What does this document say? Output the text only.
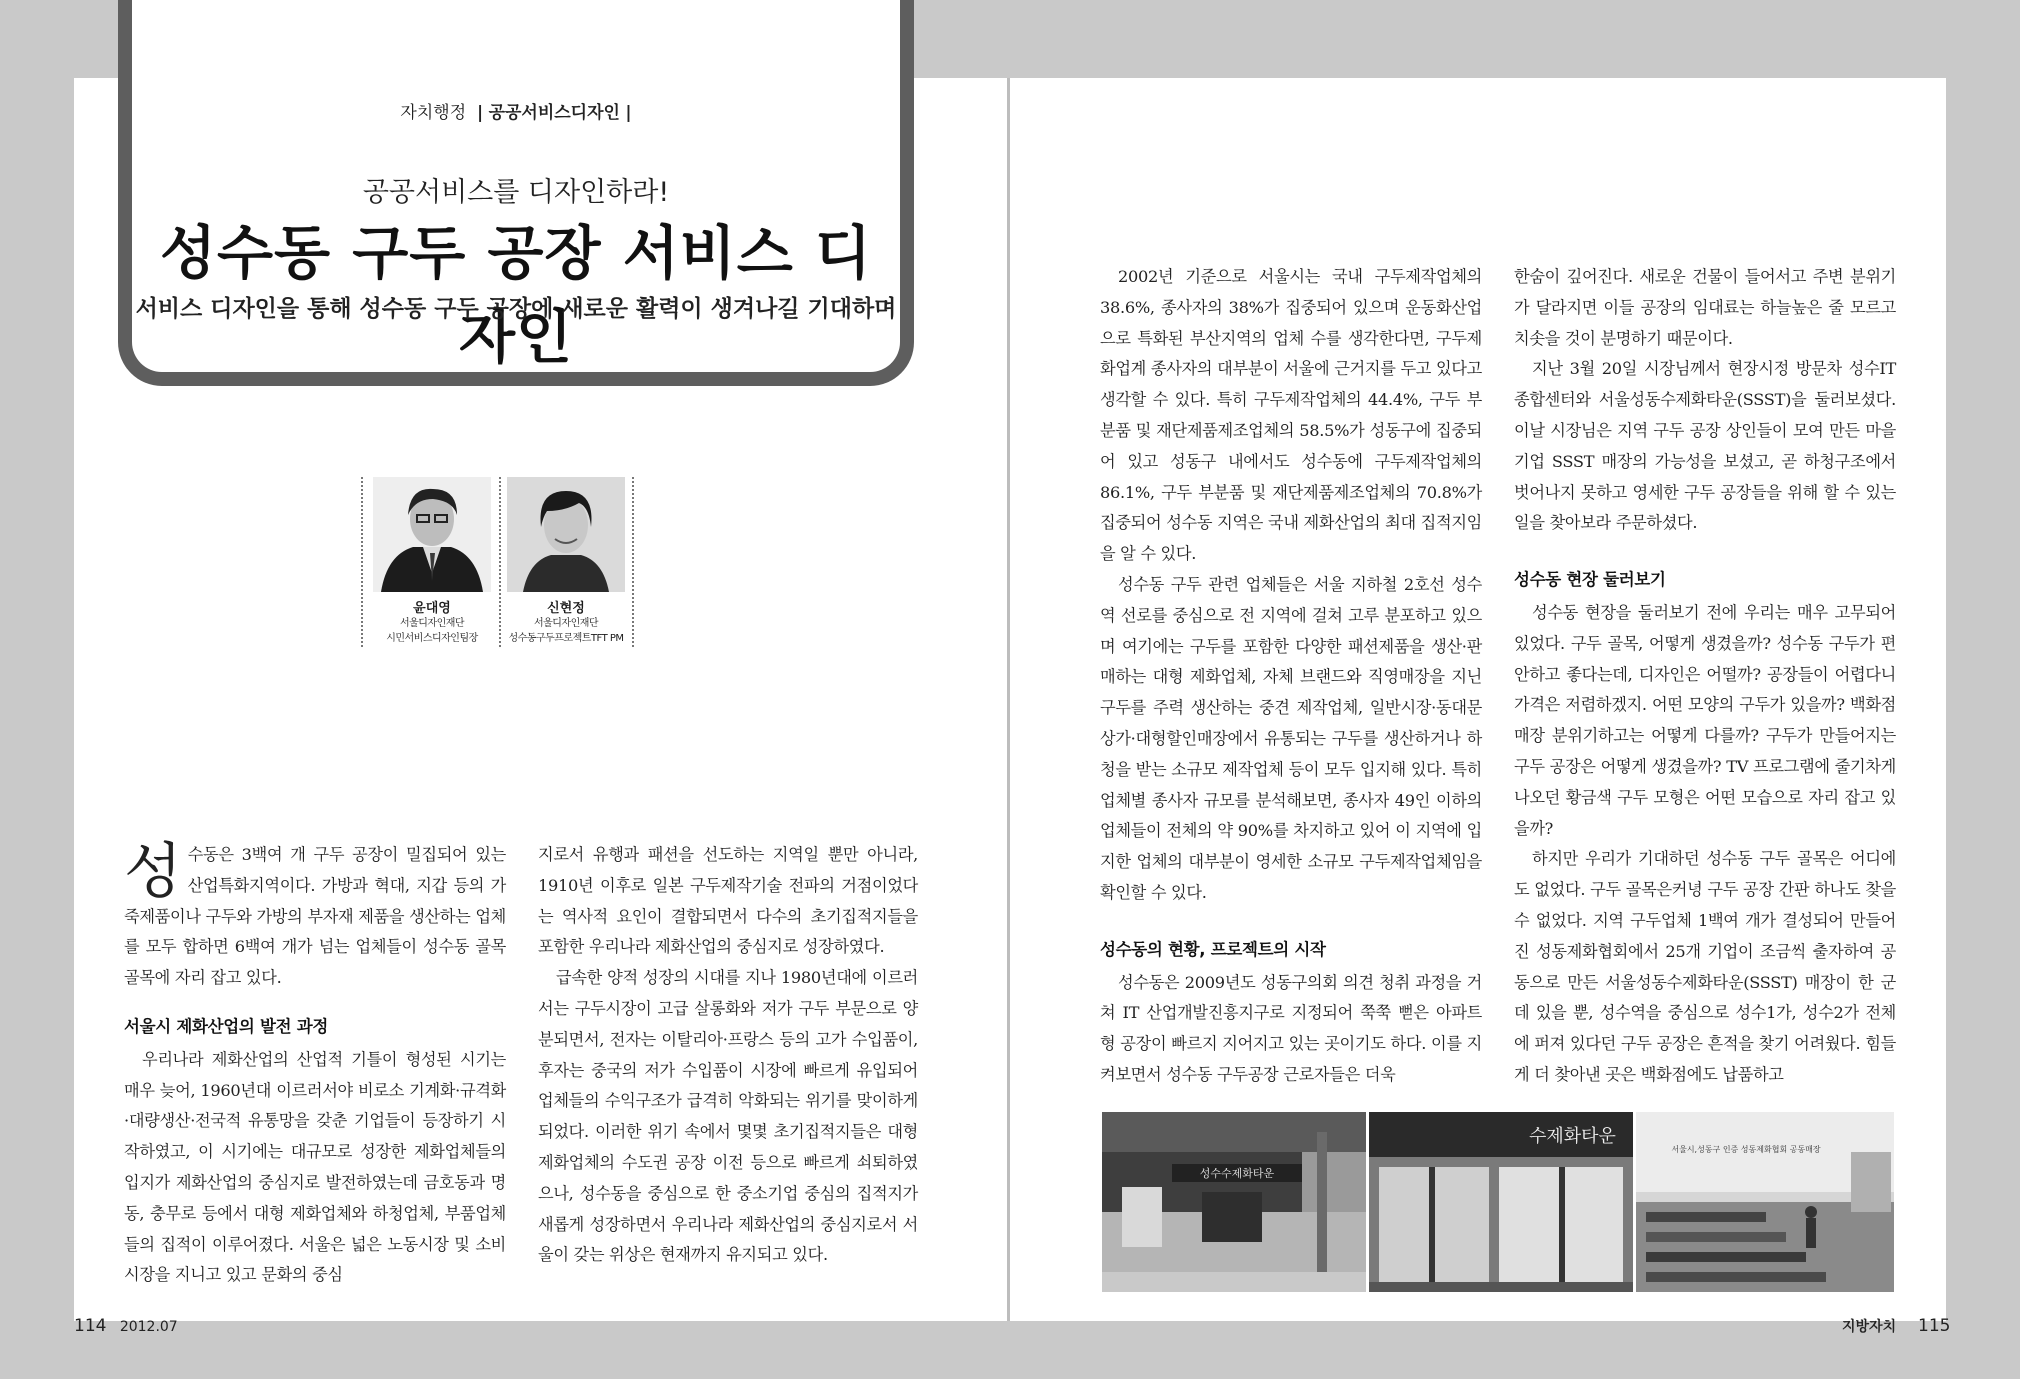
자치행정 | 공공서비스디자인 |
공공서비스를 디자인하라!
성수동 구두 공장 서비스 디자인
서비스 디자인을 통해 성수동 구두 공장에 새로운 활력이 생겨나길 기대하며
윤대영
서울디자인재단
시민서비스디자인팀장
신현정
서울디자인재단
성수동구두프로젝트TFT PM

성수동은 3백여 개 구두 공장이 밀집되어 있는 산업특화지역이다. 가방과 혁대, 지갑 등의 가죽제품이나 구두와 가방의 부자재 제품을 생산하는 업체를 모두 합하면 6백여 개가 넘는 업체들이 성수동 골목 골목에 자리 잡고 있다.

서울시 제화산업의 발전 과정

우리나라 제화산업의 산업적 기틀이 형성된 시기는 매우 늦어, 1960년대 이르러서야 비로소 기계화·규격화·대량생산·전국적 유통망을 갖춘 기업들이 등장하기 시작하였고, 이 시기에는 대규모로 성장한 제화업체들의 입지가 제화산업의 중심지로 발전하였는데 금호동과 명동, 충무로 등에서 대형 제화업체와 하청업체, 부품업체들의 집적이 이루어졌다. 서울은 넓은 노동시장 및 소비시장을 지니고 있고 문화의 중심

지로서 유행과 패션을 선도하는 지역일 뿐만 아니라, 1910년 이후로 일본 구두제작기술 전파의 거점이었다는 역사적 요인이 결합되면서 다수의 초기집적지들을 포함한 우리나라 제화산업의 중심지로 성장하였다.

급속한 양적 성장의 시대를 지나 1980년대에 이르러서는 구두시장이 고급 살롱화와 저가 구두 부문으로 양분되면서, 전자는 이탈리아·프랑스 등의 고가 수입품이, 후자는 중국의 저가 수입품이 시장에 빠르게 유입되어 업체들의 수익구조가 급격히 악화되는 위기를 맞이하게 되었다. 이러한 위기 속에서 몇몇 초기집적지들은 대형 제화업체의 수도권 공장 이전 등으로 빠르게 쇠퇴하였으나, 성수동을 중심으로 한 중소기업 중심의 집적지가 새롭게 성장하면서 우리나라 제화산업의 중심지로서 서울이 갖는 위상은 현재까지 유지되고 있다.

2002년 기준으로 서울시는 국내 구두제작업체의 38.6%, 종사자의 38%가 집중되어 있으며 운동화산업으로 특화된 부산지역의 업체 수를 생각한다면, 구두제화업계 종사자의 대부분이 서울에 근거지를 두고 있다고 생각할 수 있다. 특히 구두제작업체의 44.4%, 구두 부분품 및 재단제품제조업체의 58.5%가 성동구에 집중되어 있고 성동구 내에서도 성수동에 구두제작업체의 86.1%, 구두 부분품 및 재단제품제조업체의 70.8%가 집중되어 성수동 지역은 국내 제화산업의 최대 집적지임을 알 수 있다.

성수동 구두 관련 업체들은 서울 지하철 2호선 성수역 선로를 중심으로 전 지역에 걸쳐 고루 분포하고 있으며 여기에는 구두를 포함한 다양한 패션제품을 생산·판매하는 대형 제화업체, 자체 브랜드와 직영매장을 지닌 구두를 주력 생산하는 중견 제작업체, 일반시장·동대문 상가·대형할인매장에서 유통되는 구두를 생산하거나 하청을 받는 소규모 제작업체 등이 모두 입지해 있다. 특히 업체별 종사자 규모를 분석해보면, 종사자 49인 이하의 업체들이 전체의 약 90%를 차지하고 있어 이 지역에 입지한 업체의 대부분이 영세한 소규모 구두제작업체임을 확인할 수 있다.

성수동의 현황, 프로젝트의 시작

성수동은 2009년도 성동구의회 의견 청취 과정을 거쳐 IT 산업개발진흥지구로 지정되어 쭉쭉 뻗은 아파트형 공장이 빠르지 지어지고 있는 곳이기도 하다. 이를 지켜보면서 성수동 구두공장 근로자들은 더욱

한숨이 깊어진다. 새로운 건물이 들어서고 주변 분위기가 달라지면 이들 공장의 임대료는 하늘높은 줄 모르고 치솟을 것이 분명하기 때문이다.

지난 3월 20일 시장님께서 현장시정 방문차 성수IT 종합센터와 서울성동수제화타운(SSST)을 둘러보셨다. 이날 시장님은 지역 구두 공장 상인들이 모여 만든 마을기업 SSST 매장의 가능성을 보셨고, 곧 하청구조에서 벗어나지 못하고 영세한 구두 공장들을 위해 할 수 있는 일을 찾아보라 주문하셨다.

성수동 현장 둘러보기

성수동 현장을 둘러보기 전에 우리는 매우 고무되어 있었다. 구두 골목, 어떻게 생겼을까? 성수동 구두가 편안하고 좋다는데, 디자인은 어떨까? 공장들이 어렵다니 가격은 저렴하겠지. 어떤 모양의 구두가 있을까? 백화점 매장 분위기하고는 어떻게 다를까? 구두가 만들어지는 구두 공장은 어떻게 생겼을까? TV 프로그램에 줄기차게 나오던 황금색 구두 모형은 어떤 모습으로 자리 잡고 있을까?

하지만 우리가 기대하던 성수동 구두 골목은 어디에도 없었다. 구두 골목은커녕 구두 공장 간판 하나도 찾을 수 없었다. 지역 구두업체 1백여 개가 결성되어 만들어진 성동제화협회에서 25개 기업이 조금씩 출자하여 공동으로 만든 서울성동수제화타운(SSST) 매장이 한 군데 있을 뿐, 성수역을 중심으로 성수1가, 성수2가 전체에 퍼져 있다던 구두 공장은 흔적을 찾기 어려웠다. 힘들게 더 찾아낸 곳은 백화점에도 납품하고

성수수제화타운
수제화타운
서울시,성동구 인증 성동제화협회 공동매장
114 2012.07	지방자치 115
